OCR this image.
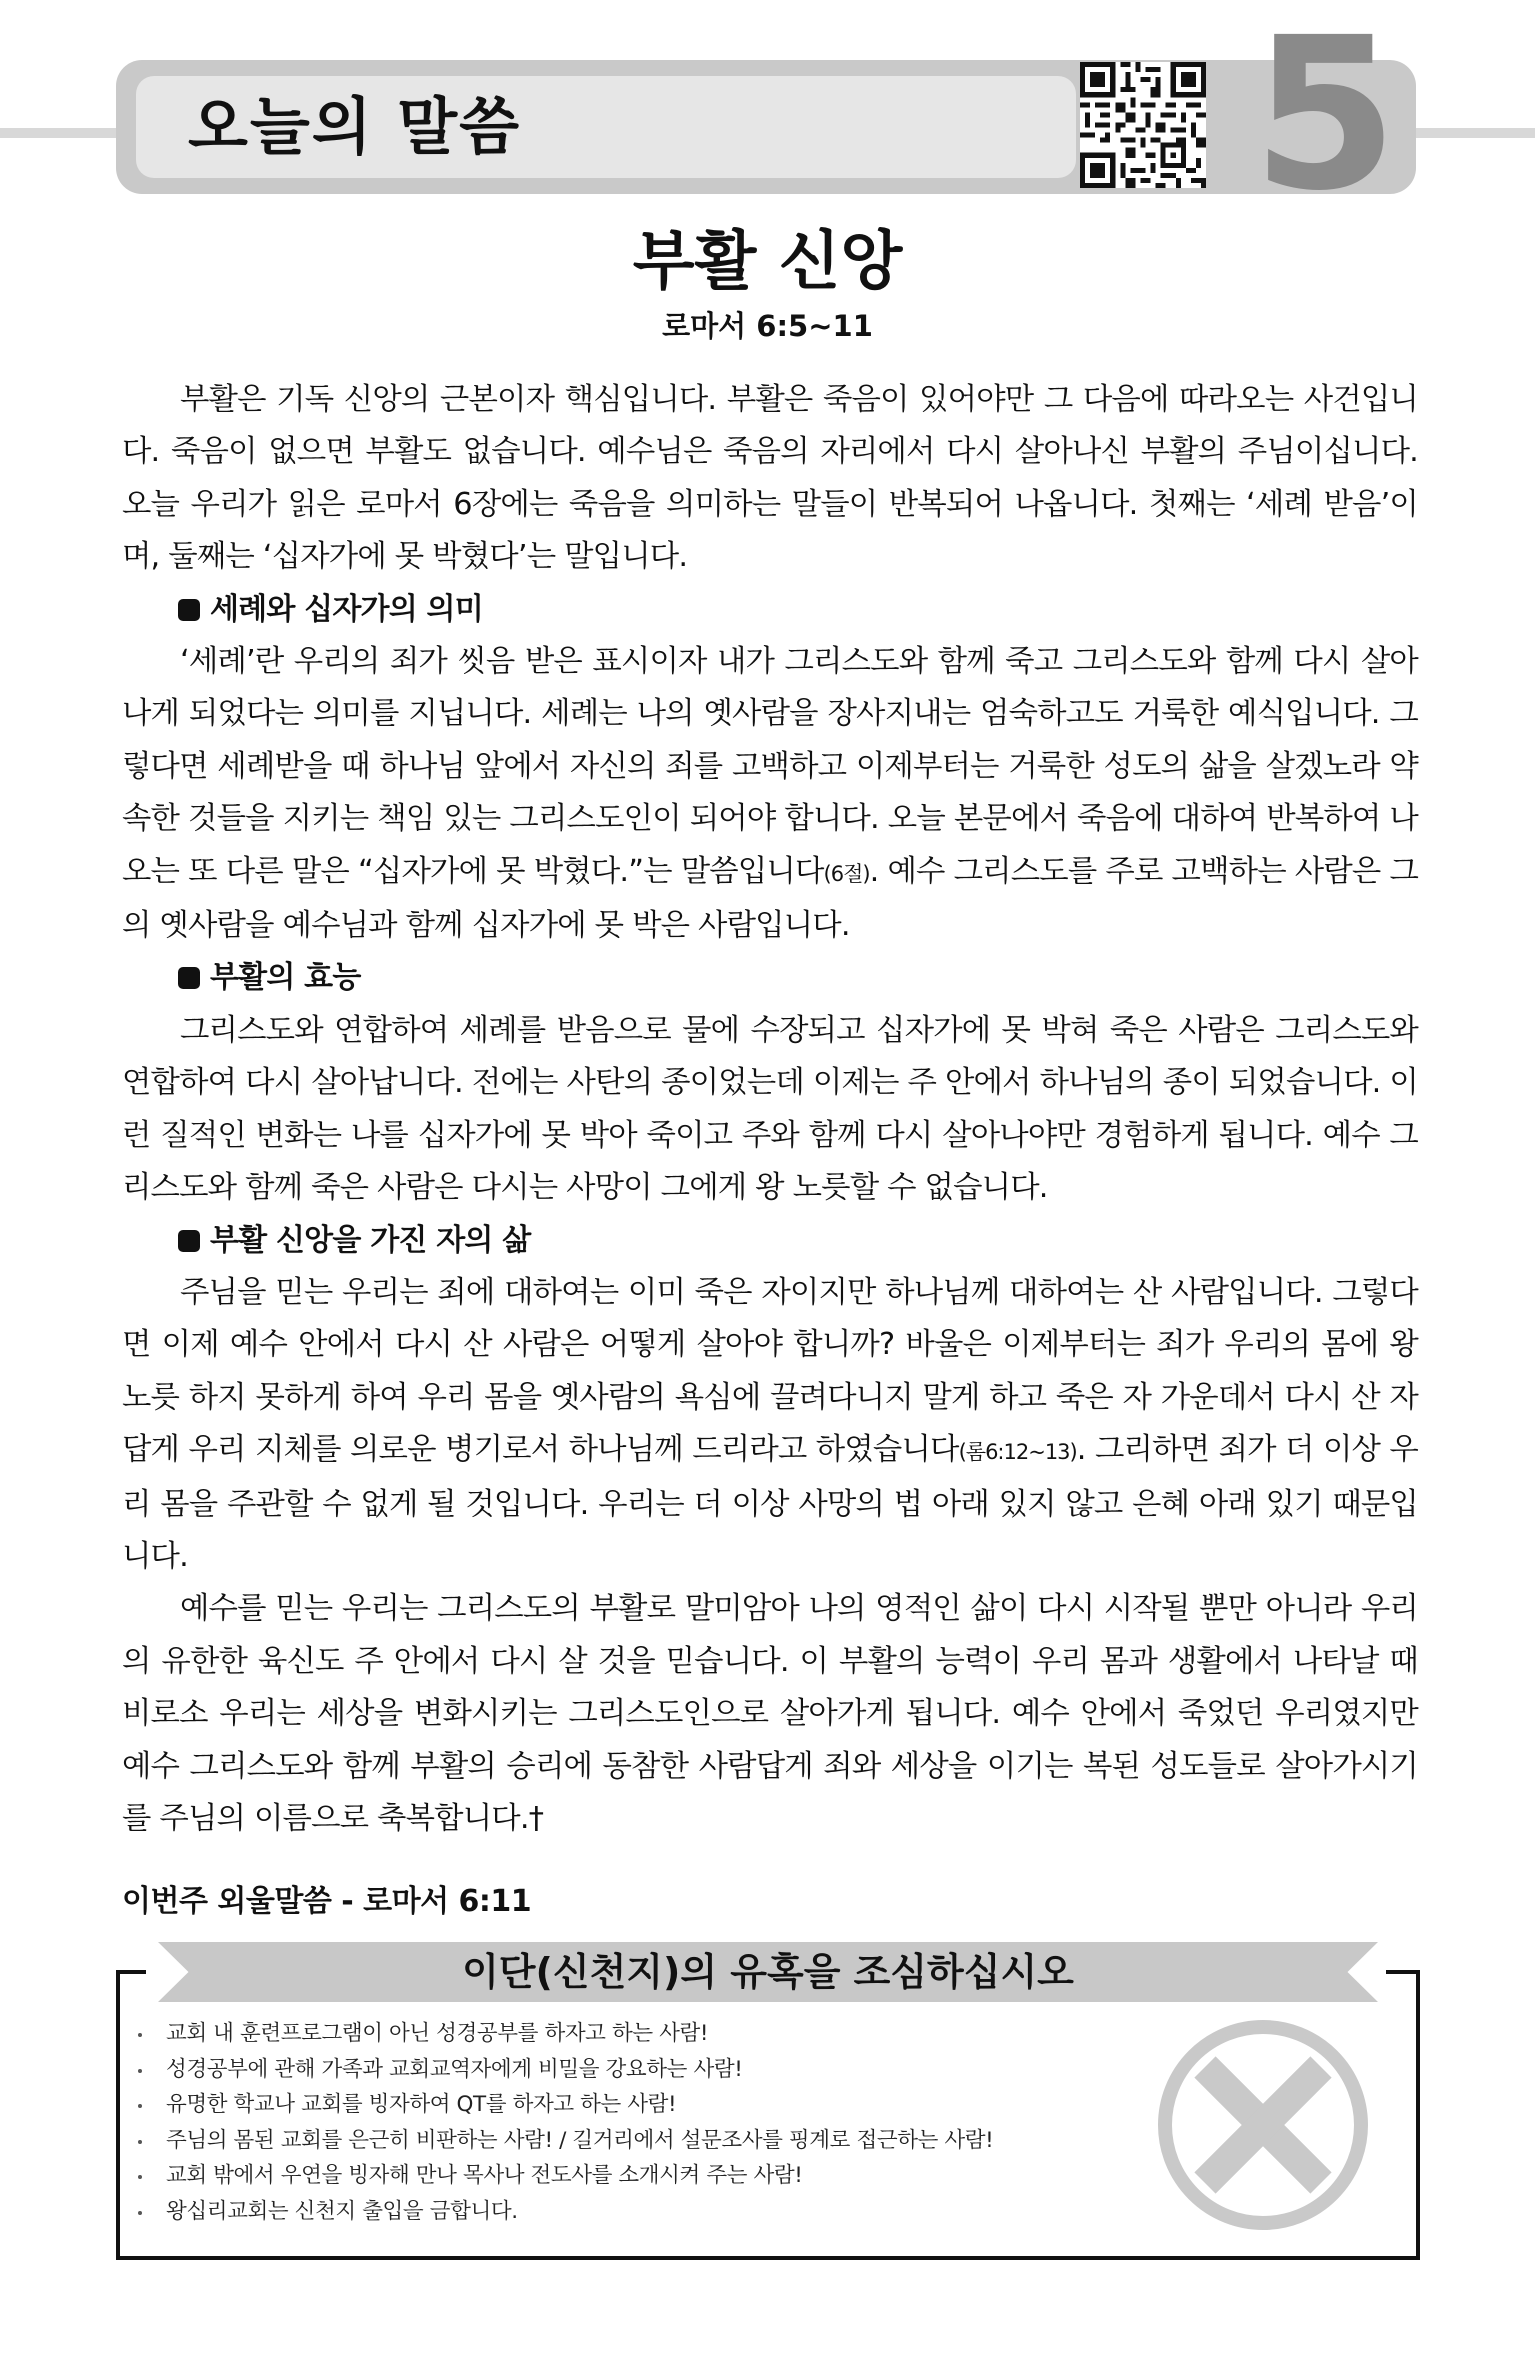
오늘의 말씀	5
부활 신앙
로마서 6:5~11

부활은 기독 신앙의 근본이자 핵심입니다. 부활은 죽음이 있어야만 그 다음에 따라오는 사건입니다. 죽음이 없으면 부활도 없습니다. 예수님은 죽음의 자리에서 다시 살아나신 부활의 주님이십니다. 오늘 우리가 읽은 로마서 6장에는 죽음을 의미하는 말들이 반복되어 나옵니다. 첫째는 ‘세례 받음’이며, 둘째는 ‘십자가에 못 박혔다’는 말입니다.

세례와 십자가의 의미

‘세례’란 우리의 죄가 씻음 받은 표시이자 내가 그리스도와 함께 죽고 그리스도와 함께 다시 살아나게 되었다는 의미를 지닙니다. 세례는 나의 옛사람을 장사지내는 엄숙하고도 거룩한 예식입니다. 그렇다면 세례받을 때 하나님 앞에서 자신의 죄를 고백하고 이제부터는 거룩한 성도의 삶을 살겠노라 약속한 것들을 지키는 책임 있는 그리스도인이 되어야 합니다. 오늘 본문에서 죽음에 대하여 반복하여 나오는 또 다른 말은 “십자가에 못 박혔다.”는 말씀입니다(6절). 예수 그리스도를 주로 고백하는 사람은 그의 옛사람을 예수님과 함께 십자가에 못 박은 사람입니다.

부활의 효능

그리스도와 연합하여 세례를 받음으로 물에 수장되고 십자가에 못 박혀 죽은 사람은 그리스도와 연합하여 다시 살아납니다. 전에는 사탄의 종이었는데 이제는 주 안에서 하나님의 종이 되었습니다. 이런 질적인 변화는 나를 십자가에 못 박아 죽이고 주와 함께 다시 살아나야만 경험하게 됩니다. 예수 그리스도와 함께 죽은 사람은 다시는 사망이 그에게 왕 노릇할 수 없습니다.

부활 신앙을 가진 자의 삶

주님을 믿는 우리는 죄에 대하여는 이미 죽은 자이지만 하나님께 대하여는 산 사람입니다. 그렇다면 이제 예수 안에서 다시 산 사람은 어떻게 살아야 합니까? 바울은 이제부터는 죄가 우리의 몸에 왕 노릇 하지 못하게 하여 우리 몸을 옛사람의 욕심에 끌려다니지 말게 하고 죽은 자 가운데서 다시 산 자답게 우리 지체를 의로운 병기로서 하나님께 드리라고 하였습니다(롬6:12~13). 그리하면 죄가 더 이상 우리 몸을 주관할 수 없게 될 것입니다. 우리는 더 이상 사망의 법 아래 있지 않고 은혜 아래 있기 때문입니다.

예수를 믿는 우리는 그리스도의 부활로 말미암아 나의 영적인 삶이 다시 시작될 뿐만 아니라 우리의 유한한 육신도 주 안에서 다시 살 것을 믿습니다. 이 부활의 능력이 우리 몸과 생활에서 나타날 때 비로소 우리는 세상을 변화시키는 그리스도인으로 살아가게 됩니다. 예수 안에서 죽었던 우리였지만 예수 그리스도와 함께 부활의 승리에 동참한 사람답게 죄와 세상을 이기는 복된 성도들로 살아가시기를 주님의 이름으로 축복합니다.†

이번주 외울말씀 - 로마서 6:11
이단(신천지)의 유혹을 조심하십시오
교회 내 훈련프로그램이 아닌 성경공부를 하자고 하는 사람!
성경공부에 관해 가족과 교회교역자에게 비밀을 강요하는 사람!
유명한 학교나 교회를 빙자하여 QT를 하자고 하는 사람!
주님의 몸된 교회를 은근히 비판하는 사람! / 길거리에서 설문조사를 핑계로 접근하는 사람!
교회 밖에서 우연을 빙자해 만나 목사나 전도사를 소개시켜 주는 사람!
왕십리교회는 신천지 출입을 금합니다.
